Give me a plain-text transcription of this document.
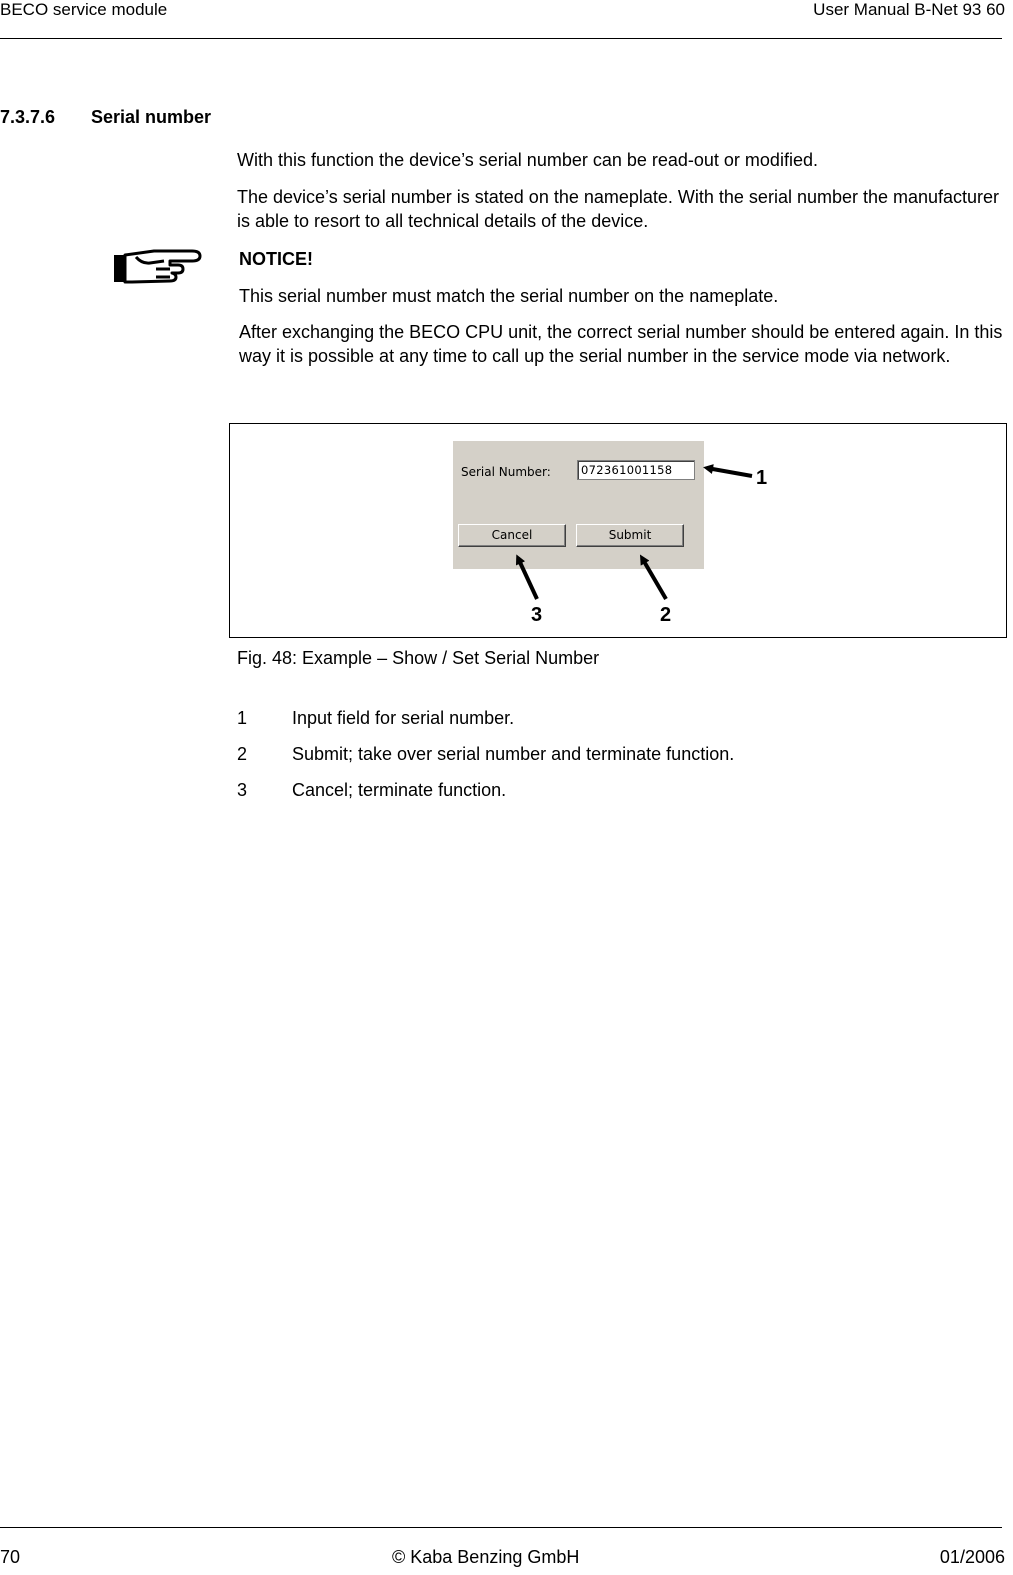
BECO service module	User Manual B-Net 93 60
7.3.7.6 Serial number
With this function the device’s serial number can be read-out or modified.
The device’s serial number is stated on the nameplate. With the serial number the manufacturer is able to resort to all technical details of the device.
NOTICE!
This serial number must match the serial number on the nameplate.
After exchanging the BECO CPU unit, the correct serial number should be entered again. In this way it is possible at any time to call up the serial number in the service mode via network.
Serial Number:	072361001158
Cancel	Submit
1
2
3
Fig. 48: Example – Show / Set Serial Number
1 Input field for serial number.
2 Submit; take over serial number and terminate function.
3 Cancel; terminate function.
70	© Kaba Benzing GmbH	01/2006
